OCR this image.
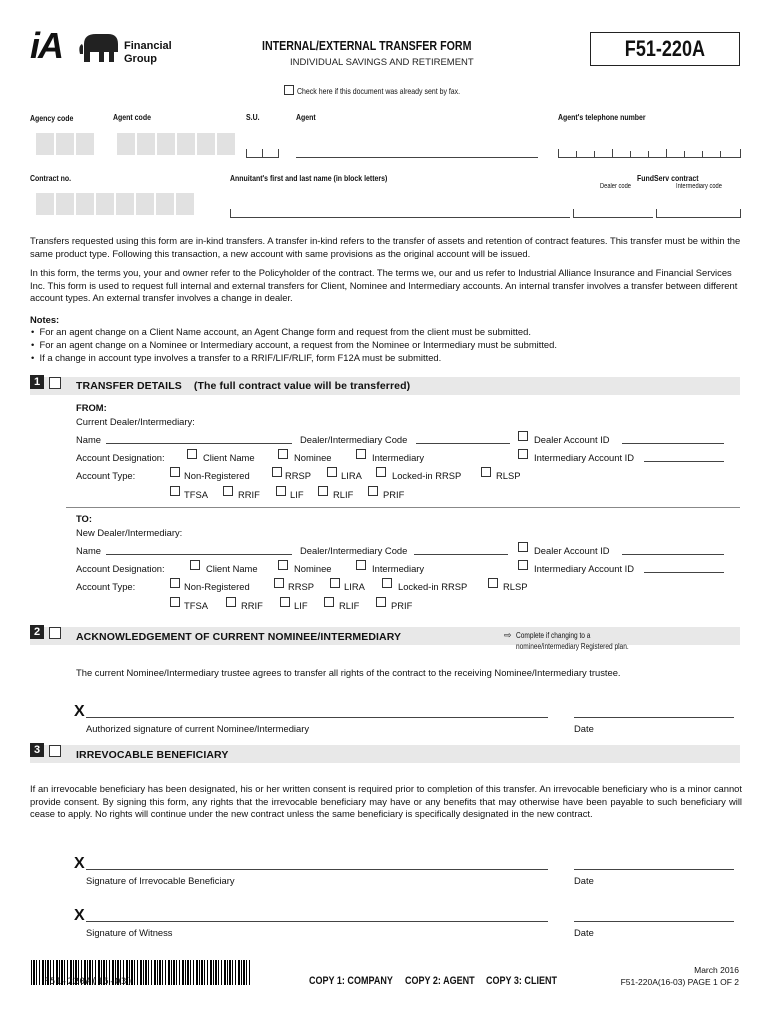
iA	Financial
Group
INTERNAL/EXTERNAL TRANSFER FORM
INDIVIDUAL SAVINGS AND RETIREMENT
F51-220A
Check here if this document was already sent by fax.
Agency code	Agent code	S.U.	Agent	Agent's telephone number
Contract no.	Annuitant's first and last name (in block letters)	FundServ contract
Dealer code	Intermediary code
Transfers requested using this form are in-kind transfers. A transfer in-kind refers to the transfer of assets and retention of contract features. This transfer must be within the same product type. Following this transaction, a new account with same provisions as the original account will be issued.
In this form, the terms you, your and owner refer to the Policyholder of the contract. The terms we, our and us refer to Industrial Alliance Insurance and Financial Services Inc. This form is used to request full internal and external transfers for Client, Nominee and Intermediary accounts. An internal transfer involves a transfer between different account types. An external transfer involves a change in dealer.
Notes:
•  For an agent change on a Client Name account, an Agent Change form and request from the client must be submitted.
•  For an agent change on a Nominee or Intermediary account, a request from the Nominee or Intermediary must be submitted.
•  If a change in account type involves a transfer to a RRIF/LIF/RLIF, form F12A must be submitted.
1	TRANSFER DETAILS (The full contract value will be transferred)
FROM:
Current Dealer/Intermediary:
Name	Dealer/Intermediary Code	Dealer Account ID
Account Designation:	Client Name	Nominee	Intermediary	Intermediary Account ID
Account Type:	Non-Registered	RRSP	LIRA	Locked-in RRSP	RLSP
TFSA	RRIF	LIF	RLIF	PRIF
TO:
New Dealer/Intermediary:
Name	Dealer/Intermediary Code	Dealer Account ID
Account Designation:	Client Name	Nominee	Intermediary	Intermediary Account ID
Account Type:	Non-Registered	RRSP	LIRA	Locked-in RRSP	RLSP
TFSA	RRIF	LIF	RLIF	PRIF
2	ACKNOWLEDGEMENT OF CURRENT NOMINEE/INTERMEDIARY	⇨ Complete if changing to a
nominee/intermediary Registered plan.
The current Nominee/Intermediary trustee agrees to transfer all rights of the contract to the receiving Nominee/Intermediary trustee.
X
Authorized signature of current Nominee/Intermediary	Date
3	IRREVOCABLE BENEFICIARY
If an irrevocable beneficiary has been designated, his or her written consent is required prior to completion of this transfer. An irrevocable beneficiary who is a minor cannot provide consent. By signing this form, any rights that the irrevocable beneficiary may have or any benefits that may otherwise have been payable to such beneficiary will cease to apply. No rights will continue under the new contract unless the same beneficiary is specifically designated in the new contract.
X
Signature of Irrevocable Beneficiary	Date
X
Signature of Witness	Date
F51-220A(16-03)	COPY 1: COMPANY COPY 2: AGENT COPY 3: CLIENT
March 2016
F51-220A(16-03) PAGE 1 OF 2
